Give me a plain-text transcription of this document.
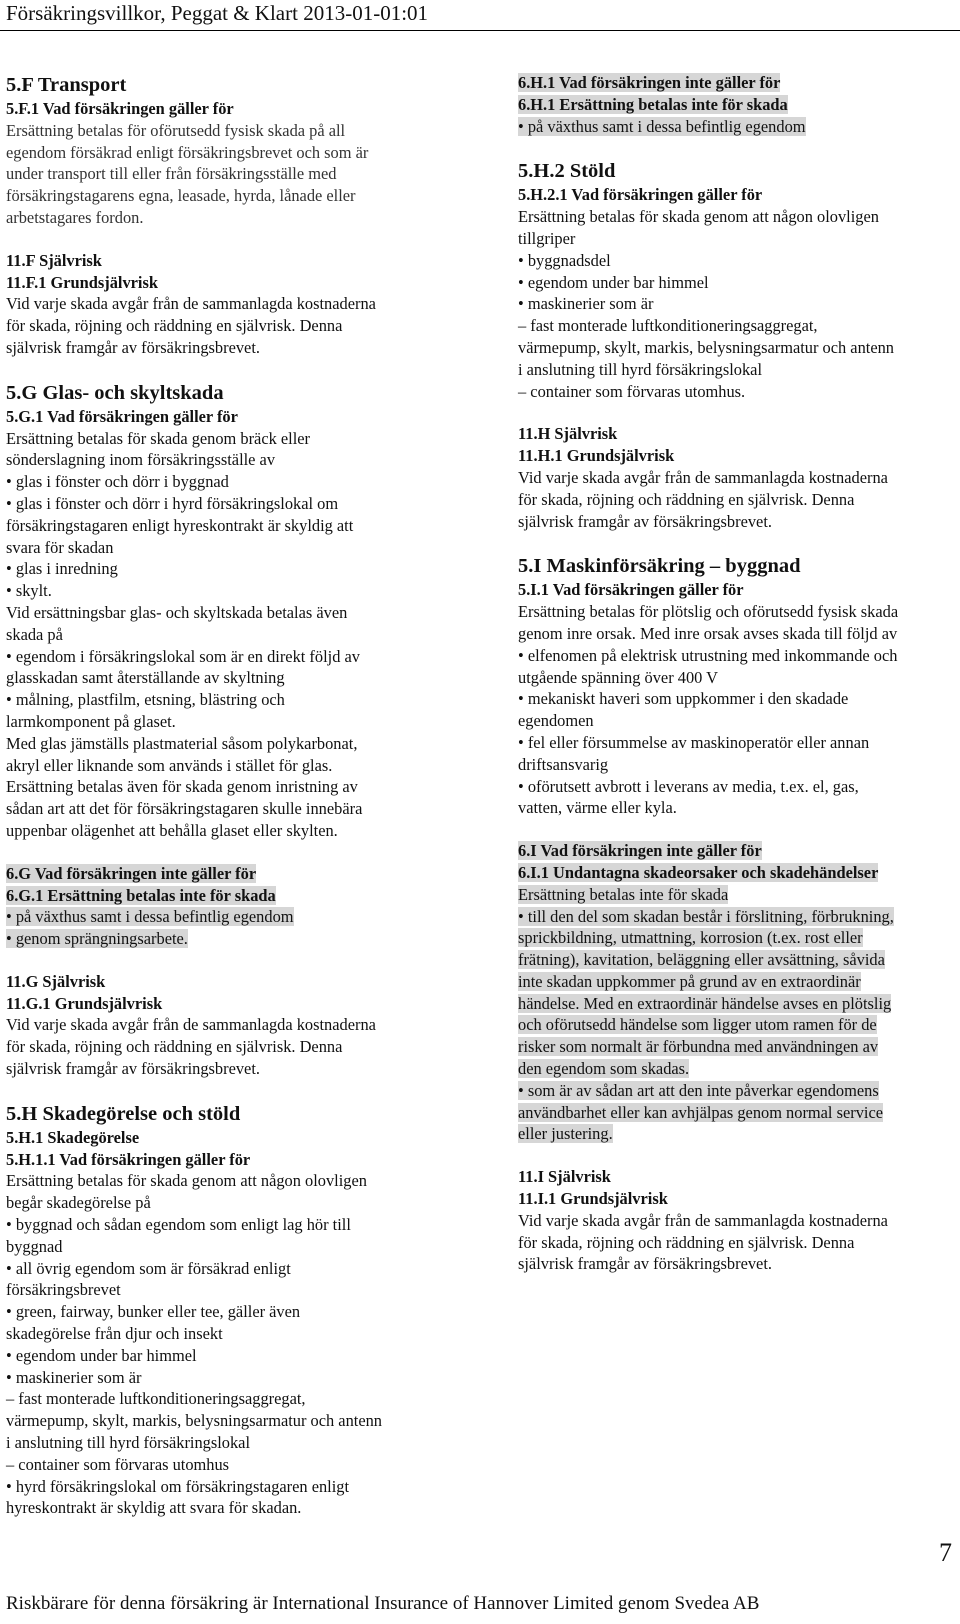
Försäkringsvillkor, Peggat & Klart 2013-01-01:01

5.F Transport

5.F.1 Vad försäkringen gäller för

Ersättning betalas för oförutsedd fysisk skada på all

egendom försäkrad enligt försäkringsbrevet och som är

under transport till eller från försäkringsställe med

försäkringstagarens egna, leasade, hyrda, lånade eller

arbetstagares fordon.

11.F Självrisk

11.F.1 Grundsjälvrisk

Vid varje skada avgår från de sammanlagda kostnaderna

för skada, röjning och räddning en självrisk. Denna

självrisk framgår av försäkringsbrevet.

5.G Glas- och skyltskada

5.G.1 Vad försäkringen gäller för

Ersättning betalas för skada genom bräck eller

sönderslagning inom försäkringsställe av

• glas i fönster och dörr i byggnad

• glas i fönster och dörr i hyrd försäkringslokal om

försäkringstagaren enligt hyreskontrakt är skyldig att

svara för skadan

• glas i inredning

• skylt.

Vid ersättningsbar glas- och skyltskada betalas även

skada på

• egendom i försäkringslokal som är en direkt följd av

glasskadan samt återställande av skyltning

• målning, plastfilm, etsning, blästring och

larmkomponent på glaset.

Med glas jämställs plastmaterial såsom polykarbonat,

akryl eller liknande som används i stället för glas.

Ersättning betalas även för skada genom inristning av

sådan art att det för försäkringstagaren skulle innebära

uppenbar olägenhet att behålla glaset eller skylten.

6.G Vad försäkringen inte gäller för

6.G.1 Ersättning betalas inte för skada

• på växthus samt i dessa befintlig egendom

• genom sprängningsarbete.

11.G Självrisk

11.G.1 Grundsjälvrisk

Vid varje skada avgår från de sammanlagda kostnaderna

för skada, röjning och räddning en självrisk. Denna

självrisk framgår av försäkringsbrevet.

5.H Skadegörelse och stöld

5.H.1 Skadegörelse

5.H.1.1 Vad försäkringen gäller för

Ersättning betalas för skada genom att någon olovligen

begår skadegörelse på

• byggnad och sådan egendom som enligt lag hör till

byggnad

• all övrig egendom som är försäkrad enligt

försäkringsbrevet

• green, fairway, bunker eller tee, gäller även

skadegörelse från djur och insekt

• egendom under bar himmel

• maskinerier som är

– fast monterade luftkonditioneringsaggregat,

värmepump, skylt, markis, belysningsarmatur och antenn

i anslutning till hyrd försäkringslokal

– container som förvaras utomhus

• hyrd försäkringslokal om försäkringstagaren enligt

hyreskontrakt är skyldig att svara för skadan.

6.H.1 Vad försäkringen inte gäller för

6.H.1 Ersättning betalas inte för skada

• på växthus samt i dessa befintlig egendom

5.H.2 Stöld

5.H.2.1 Vad försäkringen gäller för

Ersättning betalas för skada genom att någon olovligen

tillgriper

• byggnadsdel

• egendom under bar himmel

• maskinerier som är

– fast monterade luftkonditioneringsaggregat,

värmepump, skylt, markis, belysningsarmatur och antenn

i anslutning till hyrd försäkringslokal

– container som förvaras utomhus.

11.H Självrisk

11.H.1 Grundsjälvrisk

Vid varje skada avgår från de sammanlagda kostnaderna

för skada, röjning och räddning en självrisk. Denna

självrisk framgår av försäkringsbrevet.

5.I Maskinförsäkring – byggnad

5.I.1 Vad försäkringen gäller för

Ersättning betalas för plötslig och oförutsedd fysisk skada

genom inre orsak. Med inre orsak avses skada till följd av

• elfenomen på elektrisk utrustning med inkommande och

utgående spänning över 400 V

• mekaniskt haveri som uppkommer i den skadade

egendomen

• fel eller försummelse av maskinoperatör eller annan

driftsansvarig

• oförutsett avbrott i leverans av media, t.ex. el, gas,

vatten, värme eller kyla.

6.I Vad försäkringen inte gäller för

6.I.1 Undantagna skadeorsaker och skadehändelser

Ersättning betalas inte för skada

• till den del som skadan består i förslitning, förbrukning,

sprickbildning, utmattning, korrosion (t.ex. rost eller

frätning), kavitation, beläggning eller avsättning, såvida

inte skadan uppkommer på grund av en extraordinär

händelse. Med en extraordinär händelse avses en plötslig

och oförutsedd händelse som ligger utom ramen för de

risker som normalt är förbundna med användningen av

den egendom som skadas.

• som är av sådan art att den inte påverkar egendomens

användbarhet eller kan avhjälpas genom normal service

eller justering.

11.I Självrisk

11.I.1 Grundsjälvrisk

Vid varje skada avgår från de sammanlagda kostnaderna

för skada, röjning och räddning en självrisk. Denna

självrisk framgår av försäkringsbrevet.

7
Riskbärare för denna försäkring är International Insurance of Hannover Limited genom Svedea AB
